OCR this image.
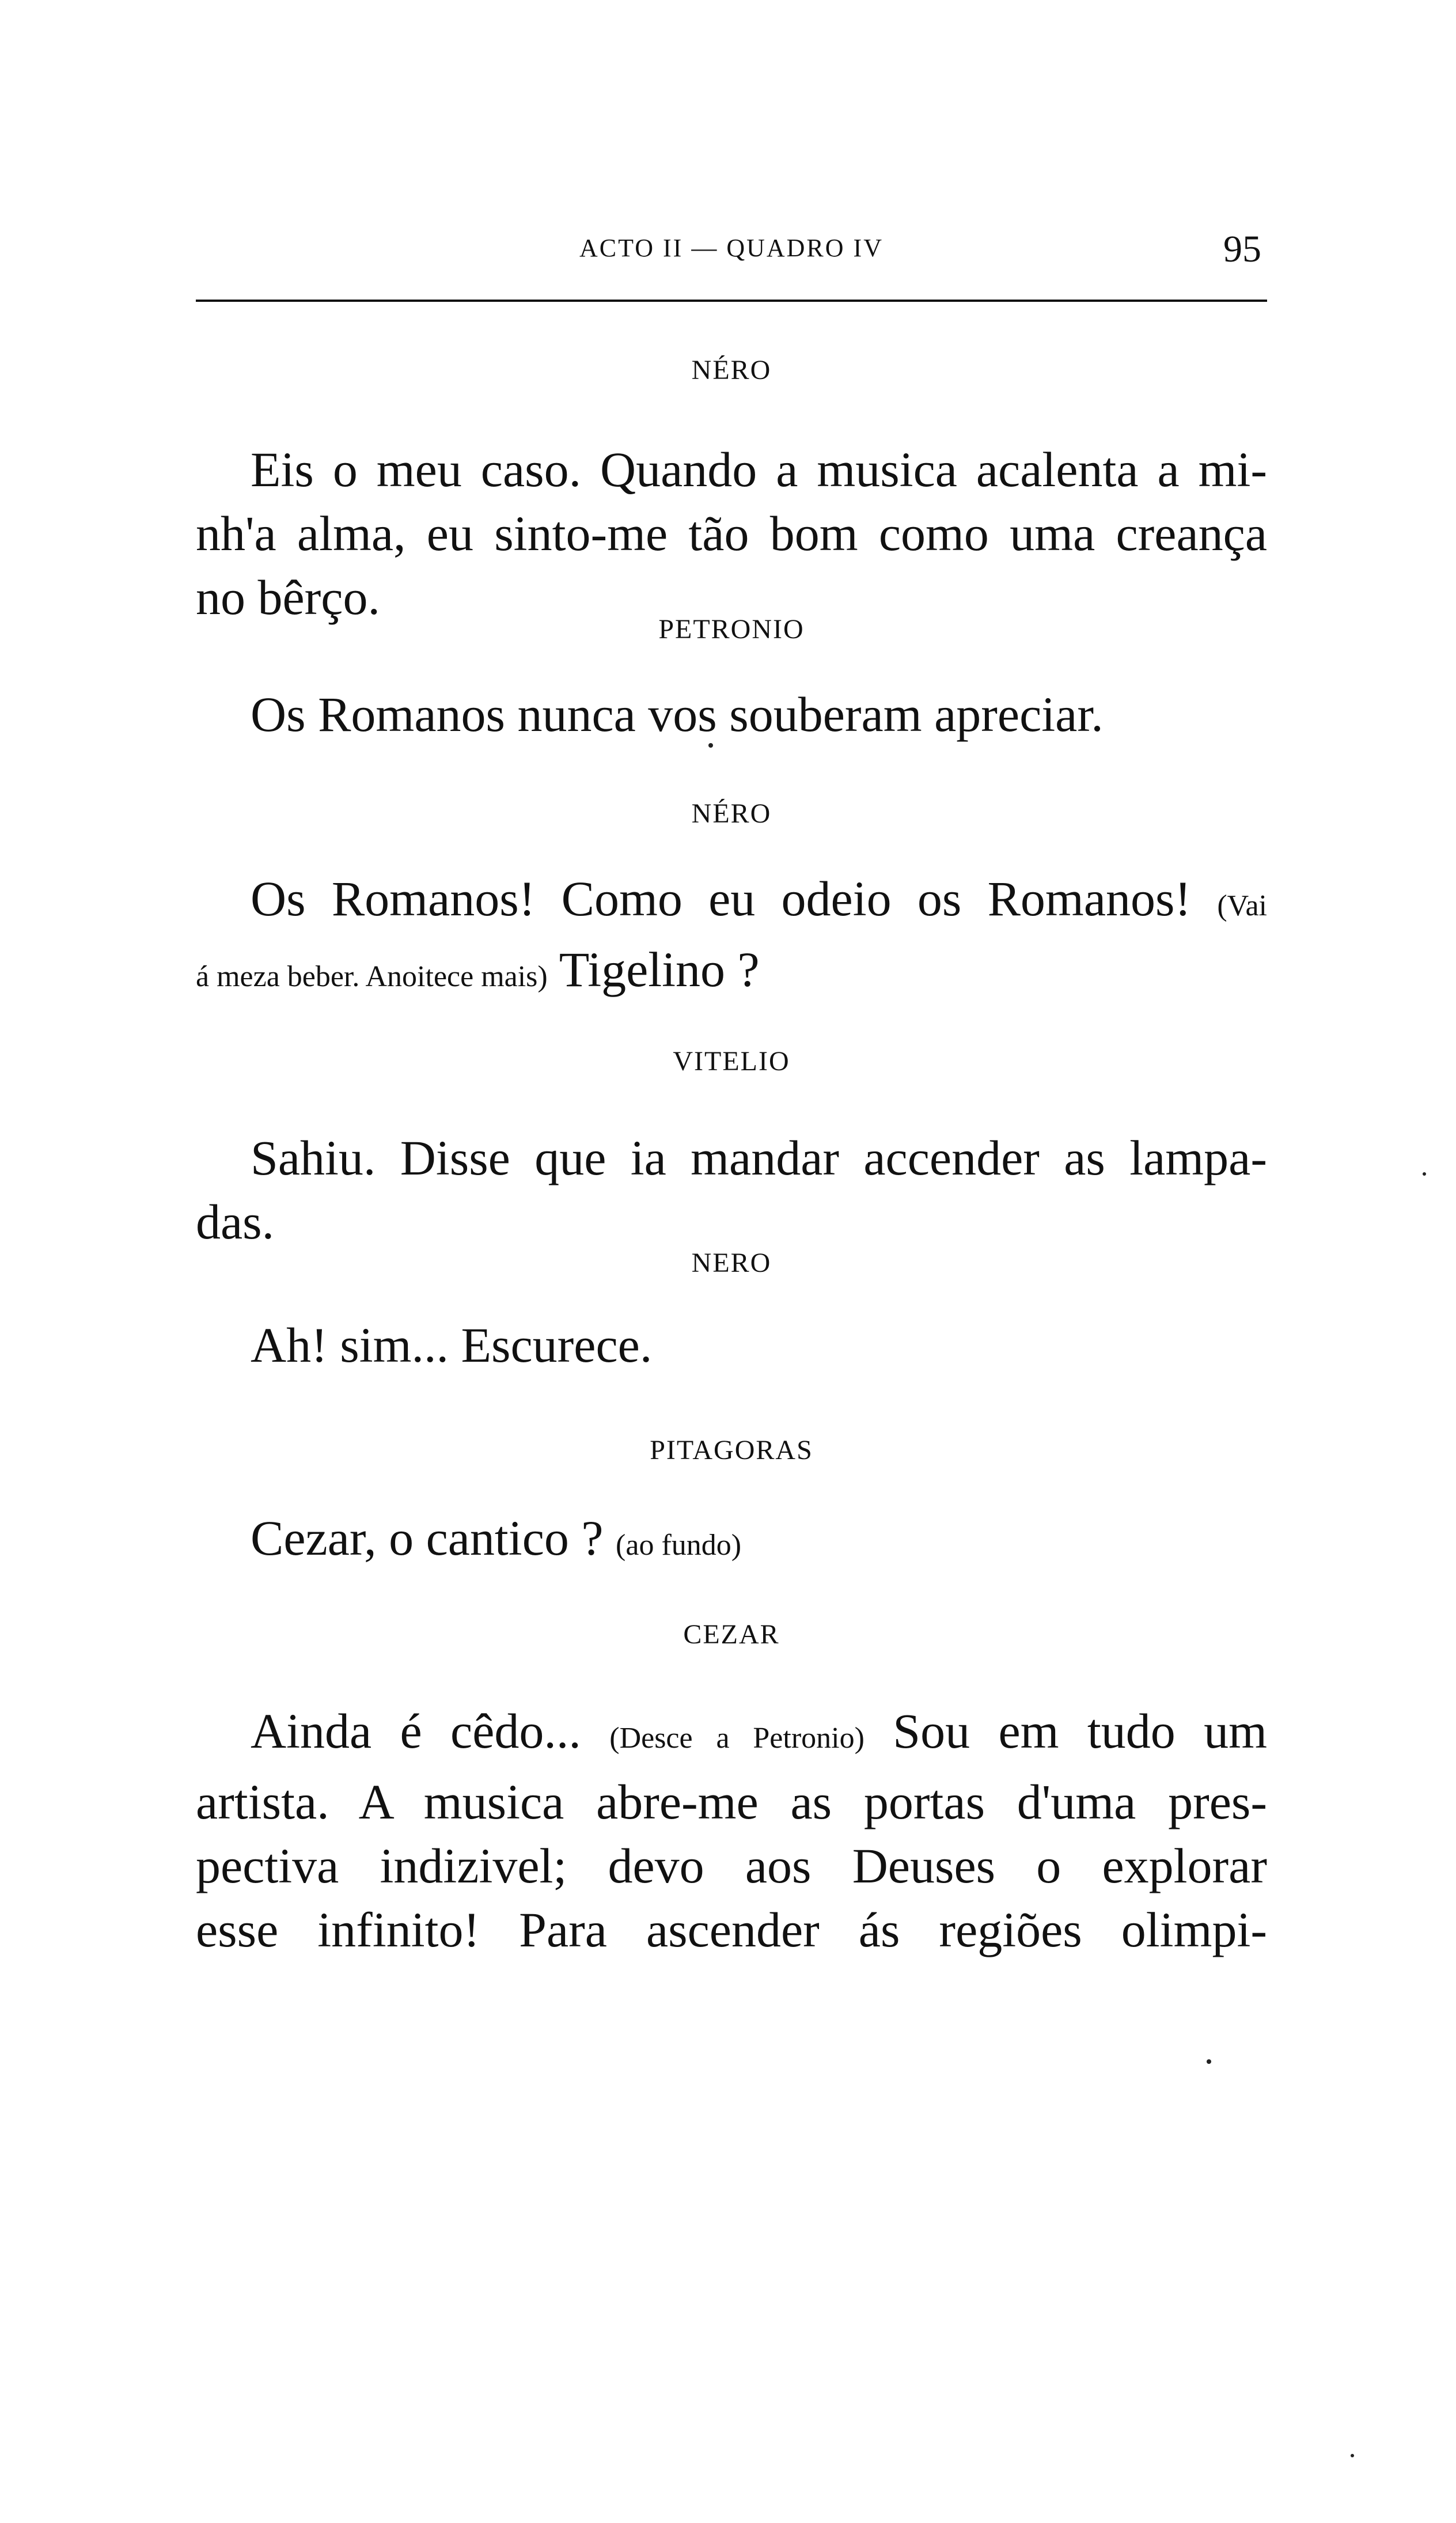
ACTO II — QUADRO IV	95
NÉRO
Eis o meu caso. Quando a musica acalenta a mi-
nh'a alma, eu sinto-me tão bom como uma creança
no bêrço.
PETRONIO
Os Romanos nunca vos souberam apreciar.
NÉRO
Os Romanos! Como eu odeio os Romanos! (Vai
á meza beber. Anoitece mais) Tigelino ?
VITELIO
Sahiu. Disse que ia mandar accender as lampa-
das.
NERO
Ah! sim... Escurece.
PITAGORAS
Cezar, o cantico ? (ao fundo)
CEZAR
Ainda é cêdo... (Desce a Petronio) Sou em tudo um
artista. A musica abre-me as portas d'uma pres-
pectiva indizivel; devo aos Deuses o explorar
esse infinito! Para ascender ás regiões olimpi-
